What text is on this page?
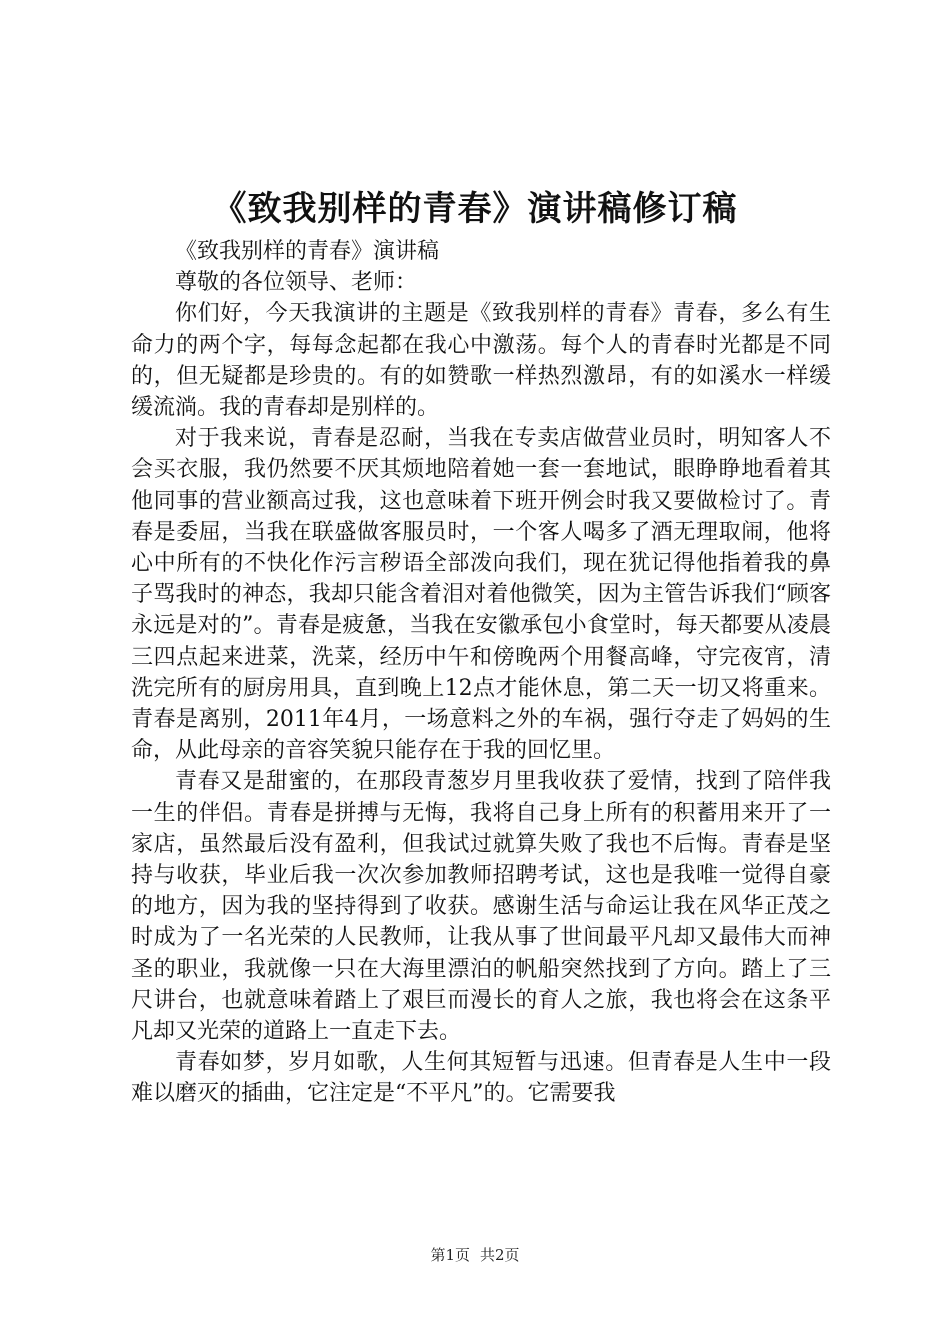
《致我别样的青春》演讲稿修订稿

《致我别样的青春》演讲稿

尊敬的各位领导、老师：

你们好，今天我演讲的主题是《致我别样的青春》青春，多么有生命力的两个字，每每念起都在我心中激荡。每个人的青春时光都是不同的，但无疑都是珍贵的。有的如赞歌一样热烈激昂，有的如溪水一样缓缓流淌。我的青春却是别样的。

对于我来说，青春是忍耐，当我在专卖店做营业员时，明知客人不会买衣服，我仍然要不厌其烦地陪着她一套一套地试，眼睁睁地看着其他同事的营业额高过我，这也意味着下班开例会时我又要做检讨了。青春是委屈，当我在联盛做客服员时，一个客人喝多了酒无理取闹，他将心中所有的不快化作污言秽语全部泼向我们，现在犹记得他指着我的鼻子骂我时的神态，我却只能含着泪对着他微笑，因为主管告诉我们“顾客永远是对的”。青春是疲惫，当我在安徽承包小食堂时，每天都要从凌晨三四点起来进菜，洗菜，经历中午和傍晚两个用餐高峰，守完夜宵，清洗完所有的厨房用具，直到晚上12点才能休息，第二天一切又将重来。青春是离别，2011年4月，一场意料之外的车祸，强行夺走了妈妈的生命，从此母亲的音容笑貌只能存在于我的回忆里。

青春又是甜蜜的，在那段青葱岁月里我收获了爱情，找到了陪伴我一生的伴侣。青春是拼搏与无悔，我将自己身上所有的积蓄用来开了一家店，虽然最后没有盈利，但我试过就算失败了我也不后悔。青春是坚持与收获，毕业后我一次次参加教师招聘考试，这也是我唯一觉得自豪的地方，因为我的坚持得到了收获。感谢生活与命运让我在风华正茂之时成为了一名光荣的人民教师，让我从事了世间最平凡却又最伟大而神圣的职业，我就像一只在大海里漂泊的帆船突然找到了方向。踏上了三尺讲台，也就意味着踏上了艰巨而漫长的育人之旅，我也将会在这条平凡却又光荣的道路上一直走下去。

青春如梦，岁月如歌，人生何其短暂与迅速。但青春是人生中一段难以磨灭的插曲，它注定是“不平凡”的。它需要我

第1页 共2页
